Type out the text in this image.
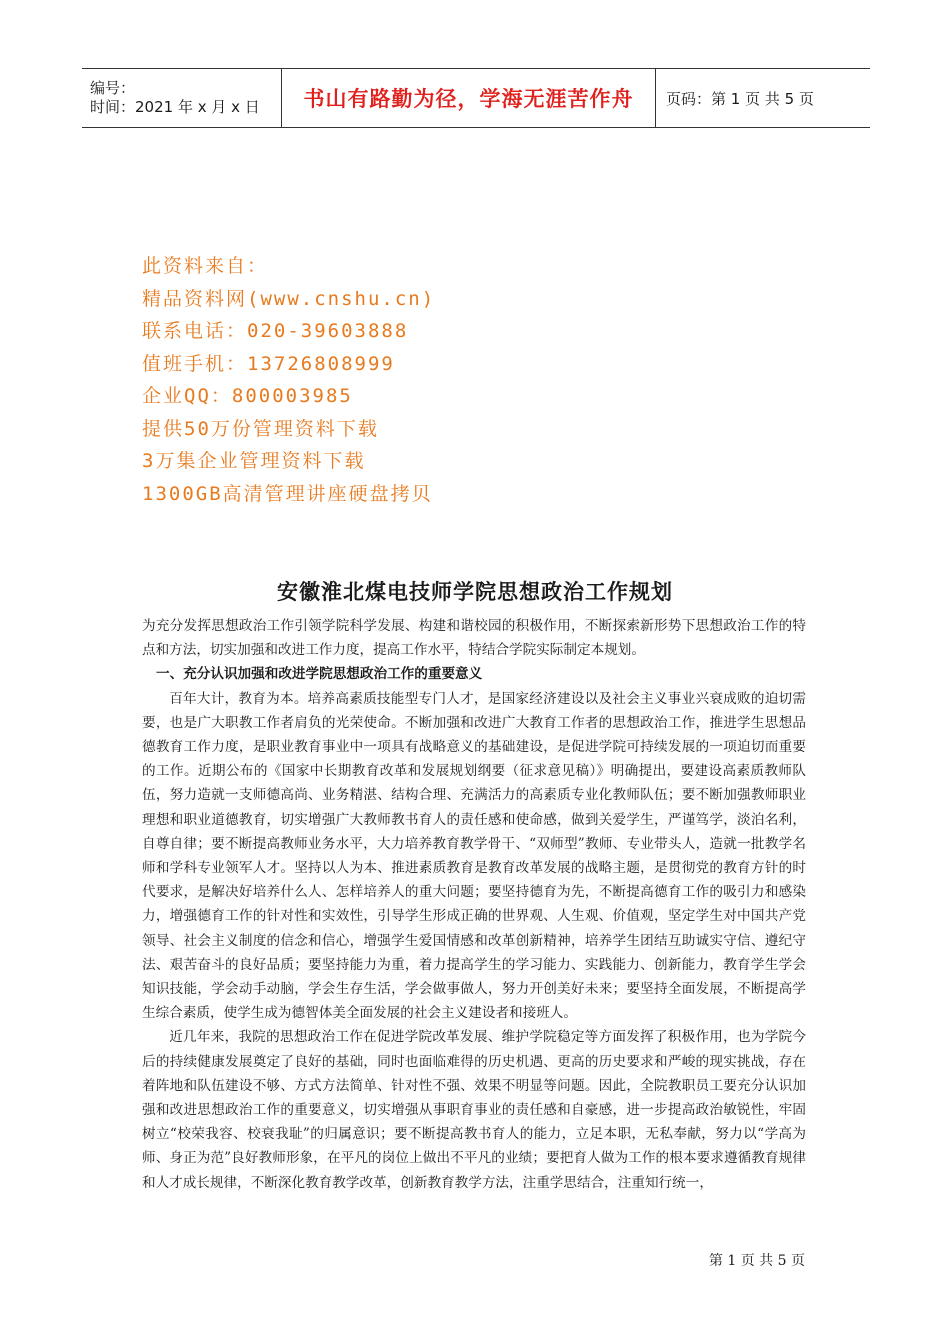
编号：
时间：2021 年 x 月 x 日	书山有路勤为径，学海无涯苦作舟 页码：第 1 页 共 5 页
此资料来自：
精品资料网(www.cnshu.cn)
联系电话：020-39603888
值班手机：13726808999
企业QQ：800003985
提供50万份管理资料下载
3万集企业管理资料下载
1300GB高清管理讲座硬盘拷贝
安徽淮北煤电技师学院思想政治工作规划

为充分发挥思想政治工作引领学院科学发展、构建和谐校园的积极作用，不断探索新形势下思想政治工作的特点和方法，切实加强和改进工作力度，提高工作水平，特结合学院实际制定本规划。

一、充分认识加强和改进学院思想政治工作的重要意义

百年大计，教育为本。培养高素质技能型专门人才，是国家经济建设以及社会主义事业兴衰成败的迫切需要，也是广大职教工作者肩负的光荣使命。不断加强和改进广大教育工作者的思想政治工作，推进学生思想品德教育工作力度，是职业教育事业中一项具有战略意义的基础建设，是促进学院可持续发展的一项迫切而重要的工作。近期公布的《国家中长期教育改革和发展规划纲要（征求意见稿）》明确提出，要建设高素质教师队伍，努力造就一支师德高尚、业务精湛、结构合理、充满活力的高素质专业化教师队伍；要不断加强教师职业理想和职业道德教育，切实增强广大教师教书育人的责任感和使命感，做到关爱学生，严谨笃学，淡泊名利，自尊自律；要不断提高教师业务水平，大力培养教育教学骨干、“双师型”教师、专业带头人，造就一批教学名师和学科专业领军人才。坚持以人为本、推进素质教育是教育改革发展的战略主题，是贯彻党的教育方针的时代要求，是解决好培养什么人、怎样培养人的重大问题；要坚持德育为先，不断提高德育工作的吸引力和感染力，增强德育工作的针对性和实效性，引导学生形成正确的世界观、人生观、价值观，坚定学生对中国共产党领导、社会主义制度的信念和信心，增强学生爱国情感和改革创新精神，培养学生团结互助诚实守信、遵纪守法、艰苦奋斗的良好品质；要坚持能力为重，着力提高学生的学习能力、实践能力、创新能力，教育学生学会知识技能，学会动手动脑，学会生存生活，学会做事做人，努力开创美好未来；要坚持全面发展，不断提高学生综合素质，使学生成为德智体美全面发展的社会主义建设者和接班人。

近几年来，我院的思想政治工作在促进学院改革发展、维护学院稳定等方面发挥了积极作用，也为学院今后的持续健康发展奠定了良好的基础，同时也面临难得的历史机遇、更高的历史要求和严峻的现实挑战，存在着阵地和队伍建设不够、方式方法简单、针对性不强、效果不明显等问题。因此，全院教职员工要充分认识加强和改进思想政治工作的重要意义，切实增强从事职育事业的责任感和自豪感，进一步提高政治敏锐性，牢固树立“校荣我容、校衰我耻”的归属意识；要不断提高教书育人的能力，立足本职，无私奉献，努力以“学高为师、身正为范”良好教师形象，在平凡的岗位上做出不平凡的业绩；要把育人做为工作的根本要求遵循教育规律和人才成长规律，不断深化教育教学改革，创新教育教学方法，注重学思结合，注重知行统一，

第 1 页 共 5 页
